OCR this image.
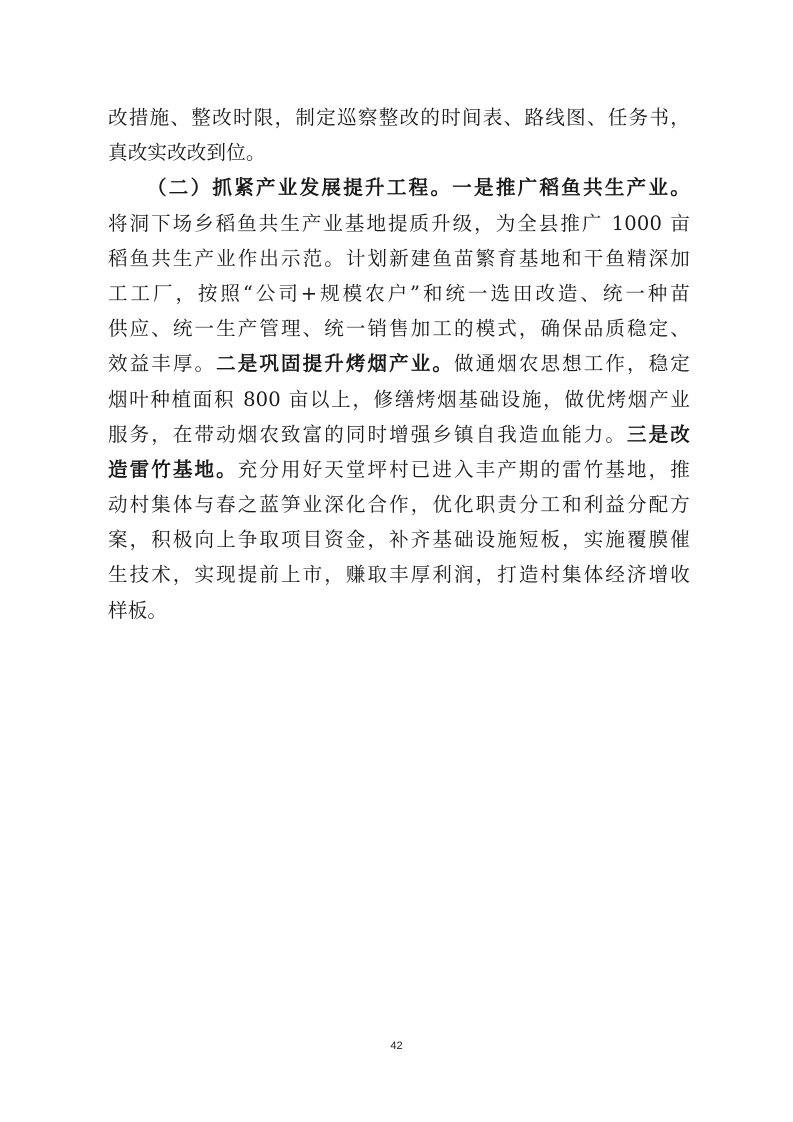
改措施、整改时限，制定巡察整改的时间表、路线图、任务书，
真改实改改到位。
（二）抓紧产业发展提升工程。一是推广稻鱼共生产业。
将洞下场乡稻鱼共生产业基地提质升级，为全县推广 1000 亩
稻鱼共生产业作出示范。计划新建鱼苗繁育基地和干鱼精深加
工工厂，按照“公司+规模农户”和统一选田改造、统一种苗
供应、统一生产管理、统一销售加工的模式，确保品质稳定、
效益丰厚。二是巩固提升烤烟产业。做通烟农思想工作，稳定
烟叶种植面积 800 亩以上，修缮烤烟基础设施，做优烤烟产业
服务，在带动烟农致富的同时增强乡镇自我造血能力。三是改
造雷竹基地。充分用好天堂坪村已进入丰产期的雷竹基地，推
动村集体与春之蓝笋业深化合作，优化职责分工和利益分配方
案，积极向上争取项目资金，补齐基础设施短板，实施覆膜催
生技术，实现提前上市，赚取丰厚利润，打造村集体经济增收
样板。
42
